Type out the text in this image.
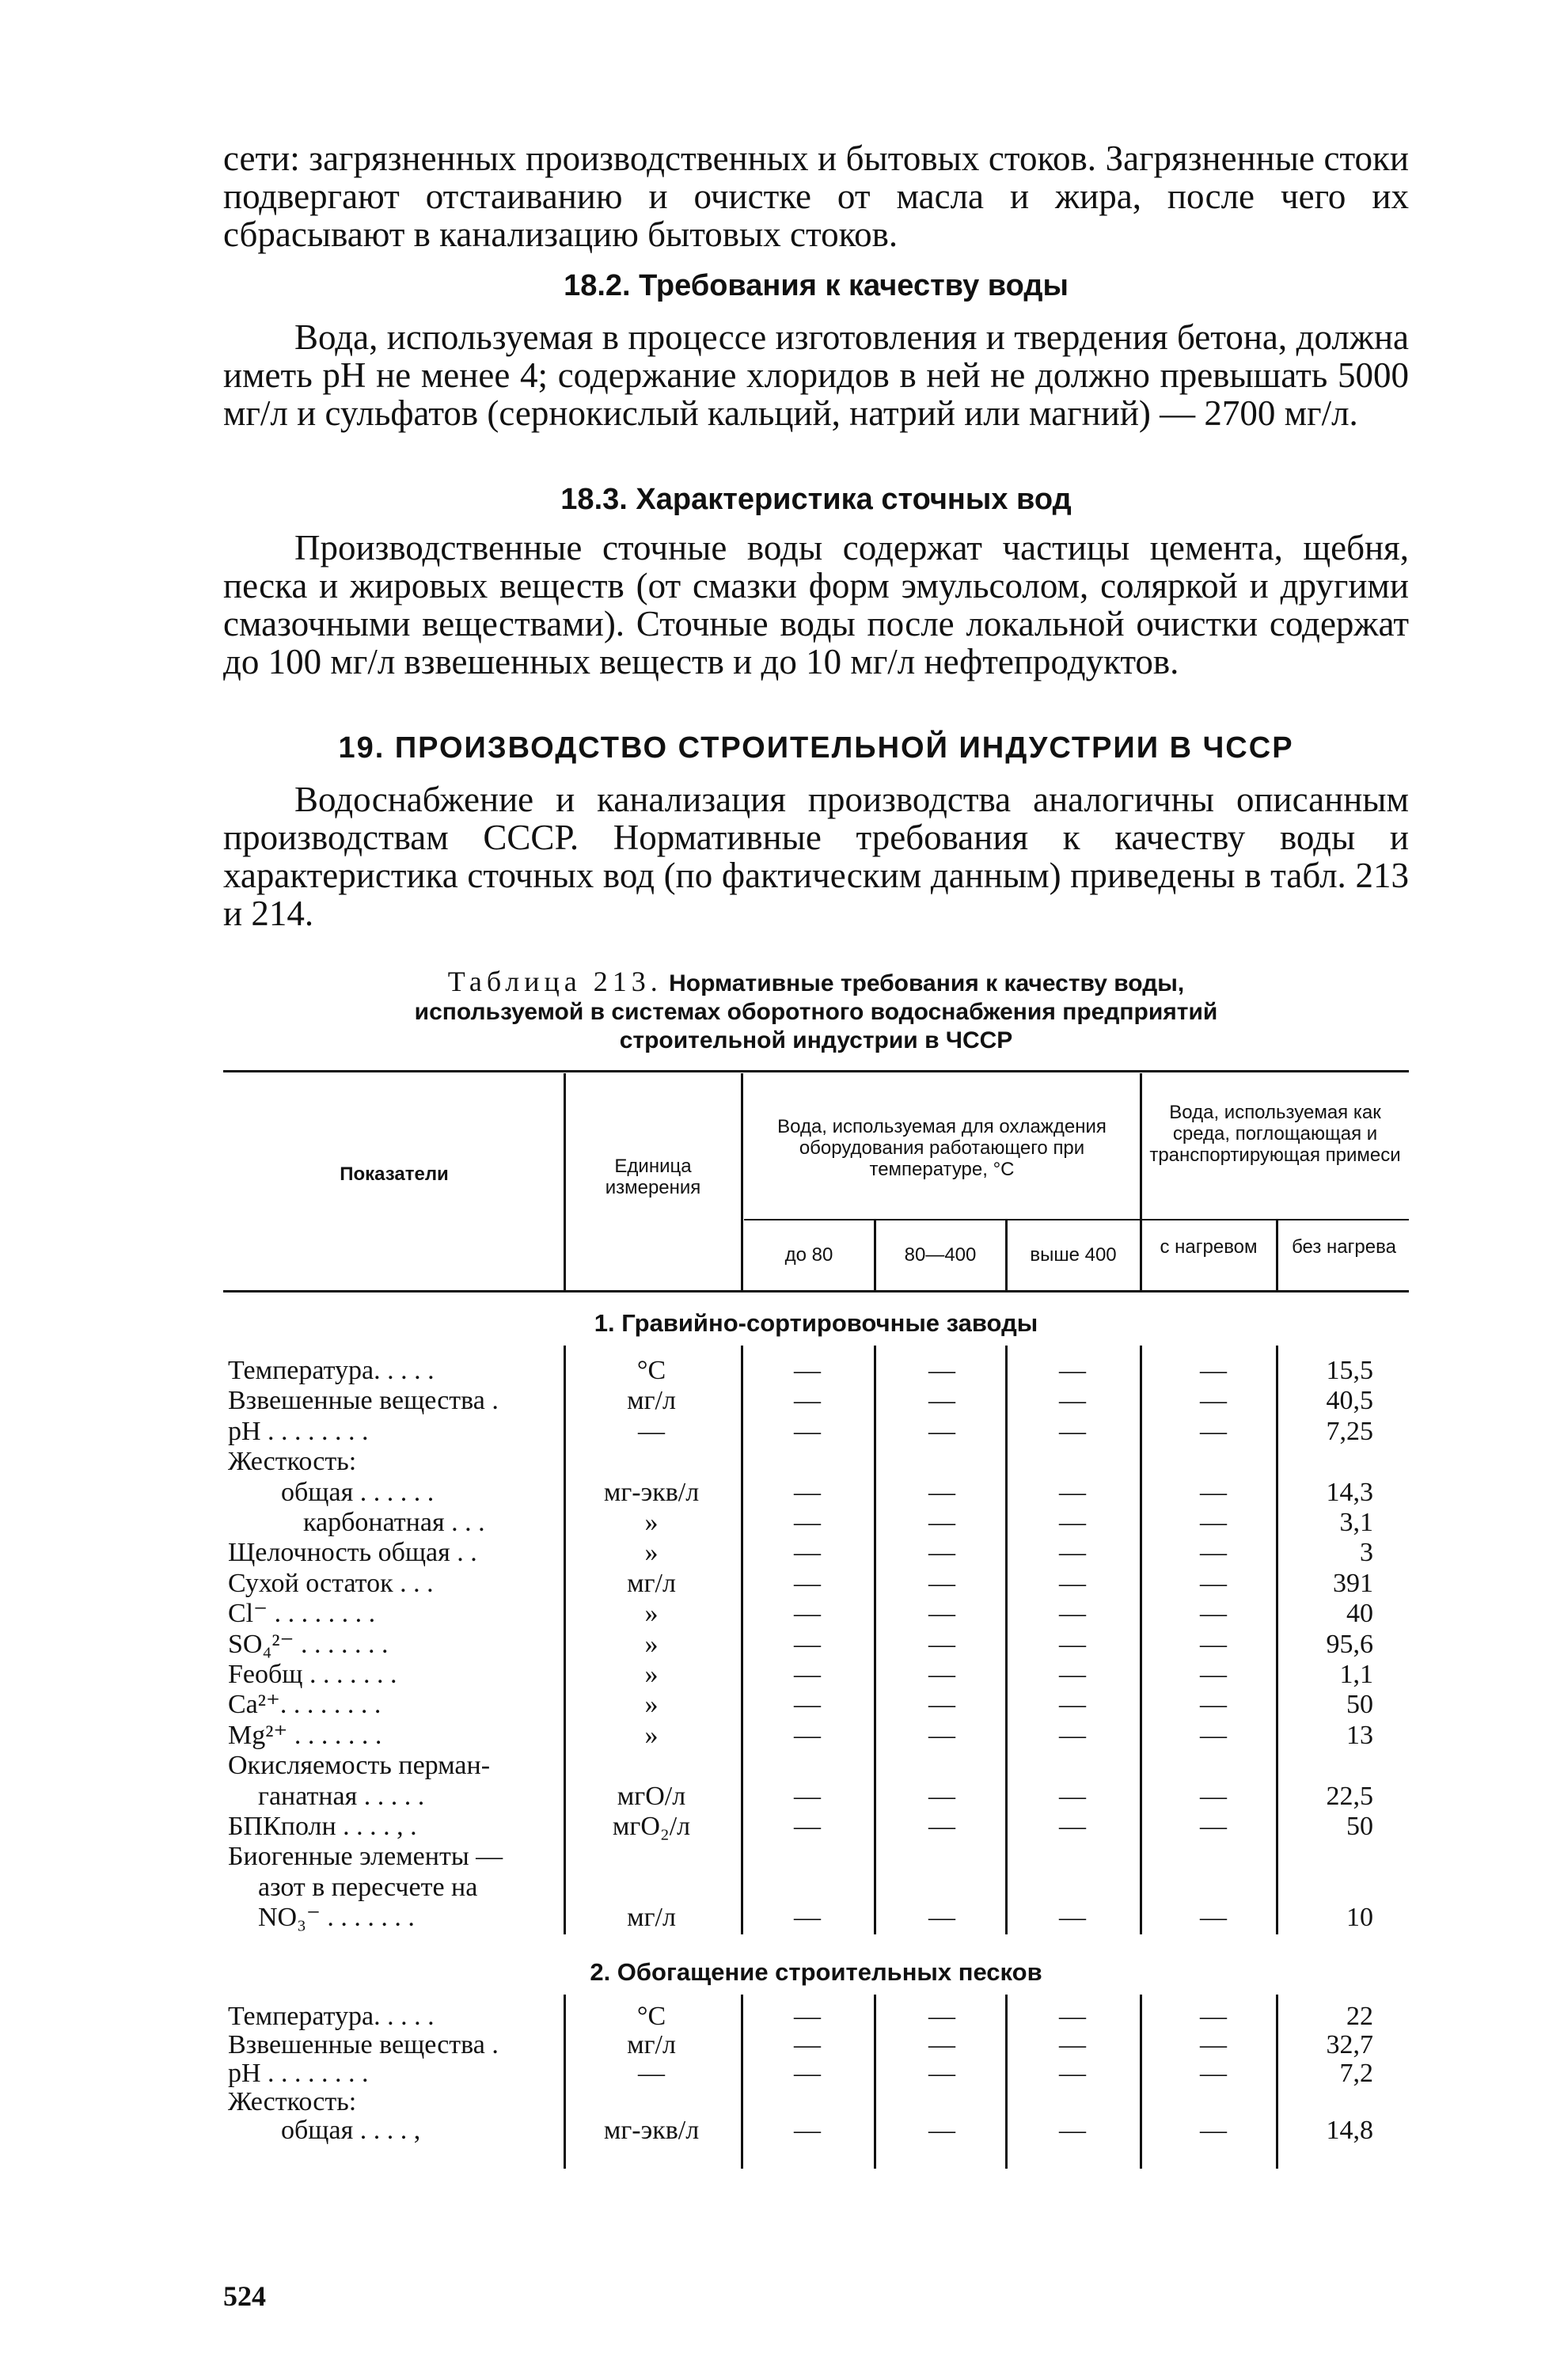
сети: загрязненных производственных и бытовых стоков. Загрязненные стоки подвергают отстаиванию и очистке от масла и жира, после чего их сбрасывают в канализацию бытовых стоков.

18.2. Требования к качеству воды

Вода, используемая в процессе изготовления и твердения бетона, должна иметь pH не менее 4; содержание хлоридов в ней не должно превышать 5000 мг/л и сульфатов (сернокислый кальций, натрий или магний) — 2700 мг/л.

18.3. Характеристика сточных вод

Производственные сточные воды содержат частицы цемента, щебня, песка и жировых веществ (от смазки форм эмульсолом, соляркой и другими смазочными веществами). Сточные воды после локальной очистки содержат до 100 мг/л взвешенных веществ и до 10 мг/л нефтепродуктов.

19. ПРОИЗВОДСТВО СТРОИТЕЛЬНОЙ ИНДУСТРИИ В ЧССР

Водоснабжение и канализация производства аналогичны описанным производствам СССР. Нормативные требования к качеству воды и характеристика сточных вод (по фактическим данным) приведены в табл. 213 и 214.

Таблица 213. Нормативные требования к качеству воды,
используемой в системах оборотного водоснабжения предприятий
строительной индустрии в ЧССР
Показатели	Единица измерения
Вода, используемая для охлаждения оборудования работающего при температуре, °С
Вода, используемая как среда, поглощающая и транспортирующая примеси
до 80	80—400	выше 400	с нагревом	без нагрева
1. Гравийно-сортировочные заводы
Температура. . . . .	°С	—	—	—	—	15,5
Взвешенные вещества .	мг/л	—	—	—	—	40,5
pH . . . . . . . .	—	—	—	—	—	7,25
Жесткость:
общая . . . . . .	мг-экв/л	—	—	—	—	14,3
карбонатная . . .	»	—	—	—	—	3,1
Щелочность общая . .	»	—	—	—	—	3
Сухой остаток . . .	мг/л	—	—	—	—	391
Cl⁻ . . . . . . . .	»	—	—	—	—	40
SO₄²⁻ . . . . . . .	»	—	—	—	—	95,6
Feобщ . . . . . . .	»	—	—	—	—	1,1
Ca²⁺. . . . . . . .	»	—	—	—	—	50
Mg²⁺ . . . . . . .	»	—	—	—	—	13
Окисляемость перман-
ганатная . . . . .	мгО/л	—	—	—	—	22,5
БПКполн . . . . , .	мгО₂/л	—	—	—	—	50
Биогенные элементы —
азот в пересчете на
NO₃⁻ . . . . . . .	мг/л	—	—	—	—	10
2. Обогащение строительных песков
Температура. . . . .	°С	—	—	—	—	22
Взвешенные вещества .	мг/л	—	—	—	—	32,7
pH . . . . . . . .	—	—	—	—	—	7,2
Жесткость:
общая . . . . ,	мг-экв/л	—	—	—	—	14,8
524
